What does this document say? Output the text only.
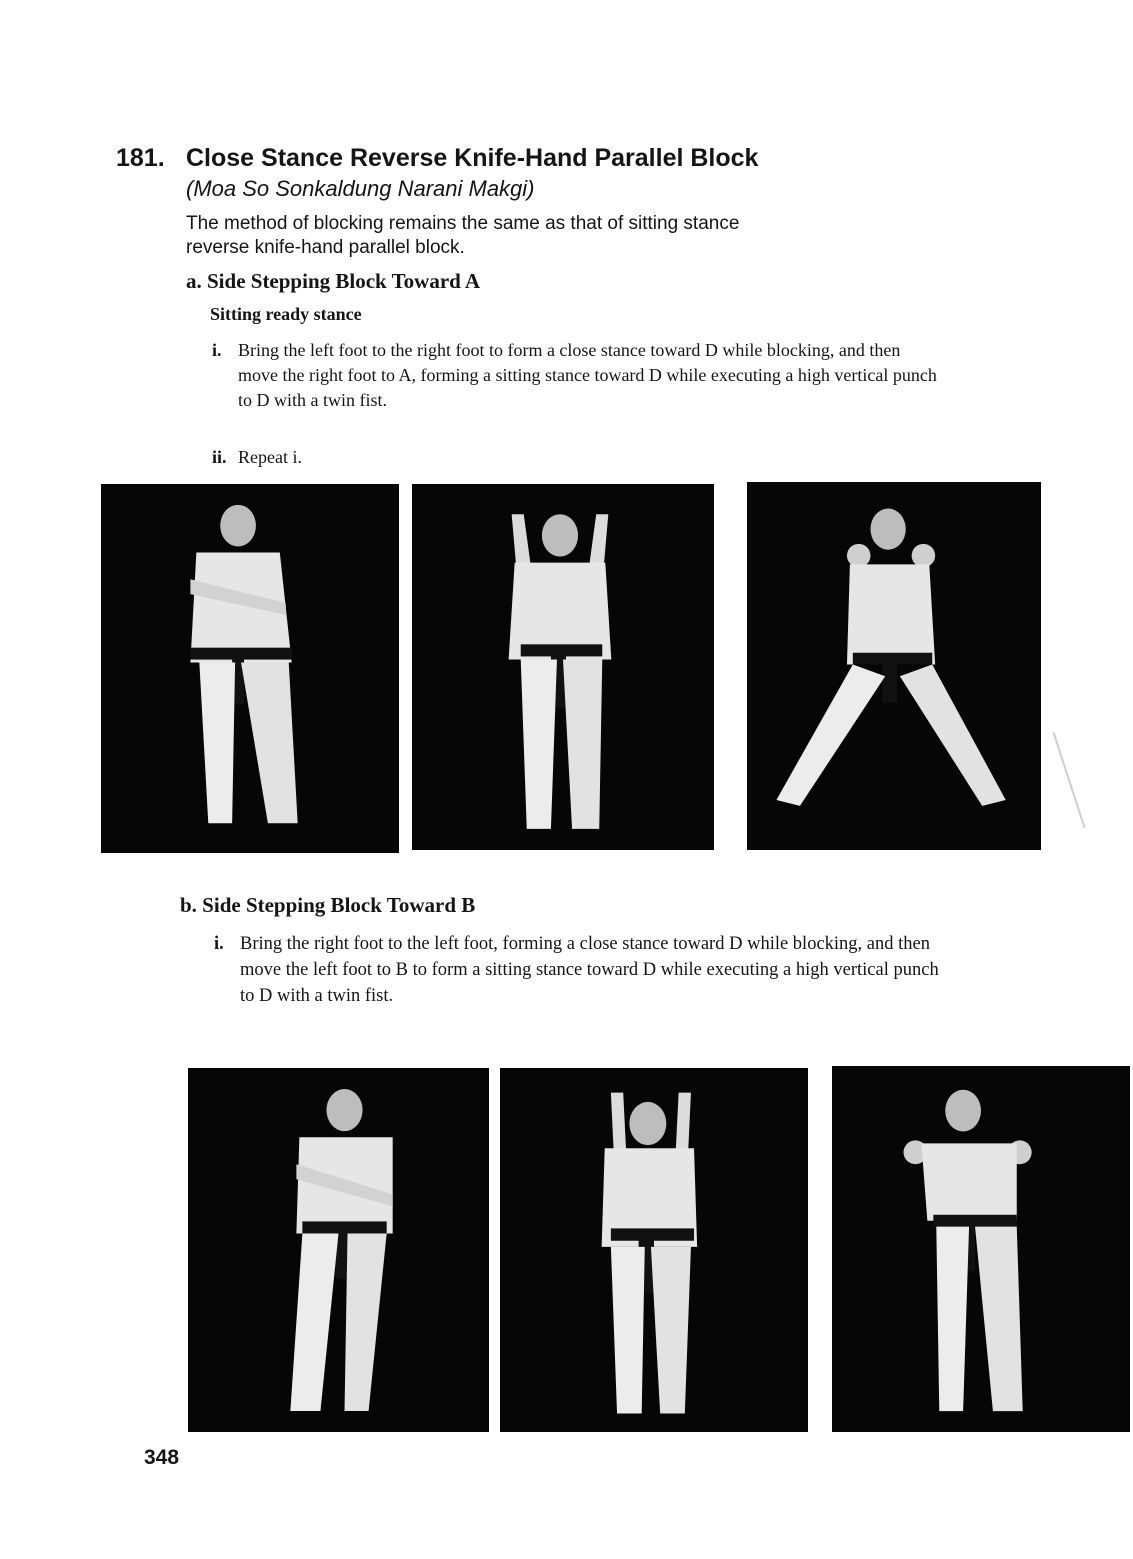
181. Close Stance Reverse Knife-Hand Parallel Block
(Moa So Sonkaldung Narani Makgi)

The method of blocking remains the same as that of sitting stance reverse knife-hand parallel block.

a. Side Stepping Block Toward A
Sitting ready stance
i. Bring the left foot to the right foot to form a close stance toward D while blocking, and then move the right foot to A, forming a sitting stance toward D while executing a high vertical punch to D with a twin fist.
ii. Repeat i.
b. Side Stepping Block Toward B
i. Bring the right foot to the left foot, forming a close stance toward D while blocking, and then move the left foot to B to form a sitting stance toward D while executing a high vertical punch to D with a twin fist.
348
